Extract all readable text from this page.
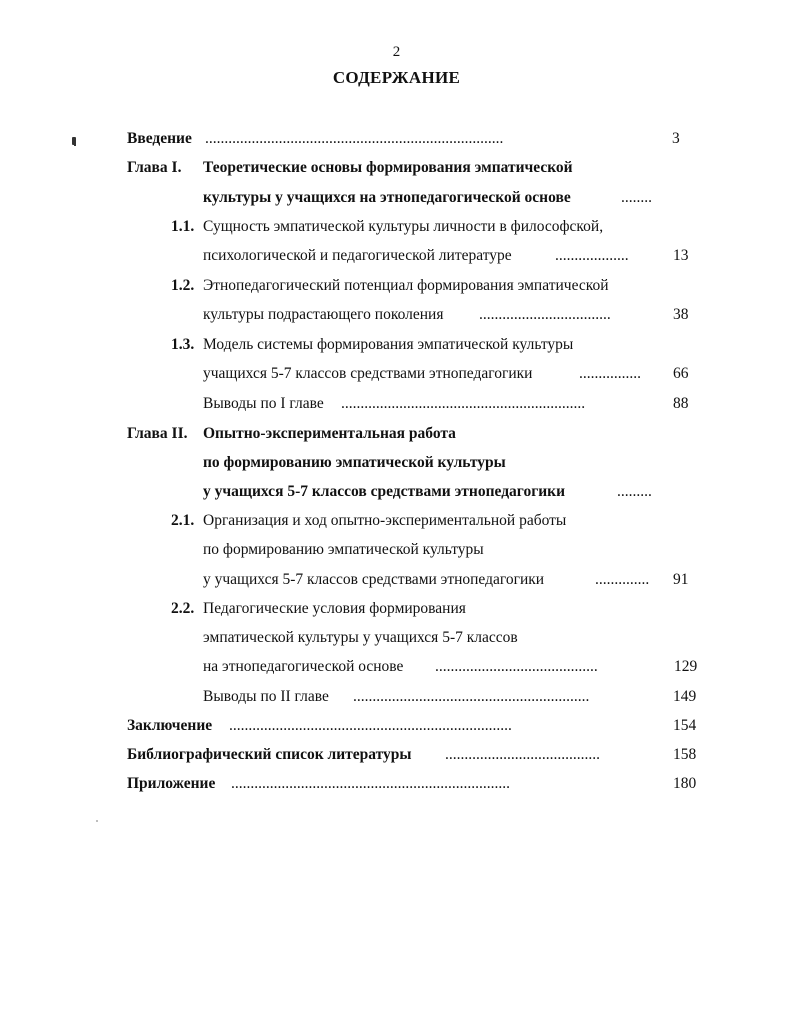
2
СОДЕРЖАНИЕ
Введение .............................................................................	3
Глава I. Теоретические основы формирования эмпатической
культуры у учащихся на этнопедагогической основе	........
1.1. Сущность эмпатической культуры личности в философской,
психологической и педагогической литературе	...................	13
1.2. Этнопедагогический потенциал формирования эмпатической
культуры подрастающего поколения ..................................	38
1.3. Модель системы формирования эмпатической культуры
учащихся 5-7 классов средствами этнопедагогики	................ 66
Выводы по I главе ...............................................................	88
Глава II. Опытно-экспериментальная работа
по формированию эмпатической культуры
у учащихся 5-7 классов средствами этнопедагогики	.........
2.1. Организация и ход опытно-экспериментальной работы
по формированию эмпатической культуры
у учащихся 5-7 классов средствами этнопедагогики	.............. 91
2.2. Педагогические условия формирования
эмпатической культуры у учащихся 5-7 классов
на этнопедагогической основе ..........................................	129
Выводы по II главе .............................................................	149
Заключение .........................................................................	154
Библиографический список литературы ........................................	158
Приложение ........................................................................	180
